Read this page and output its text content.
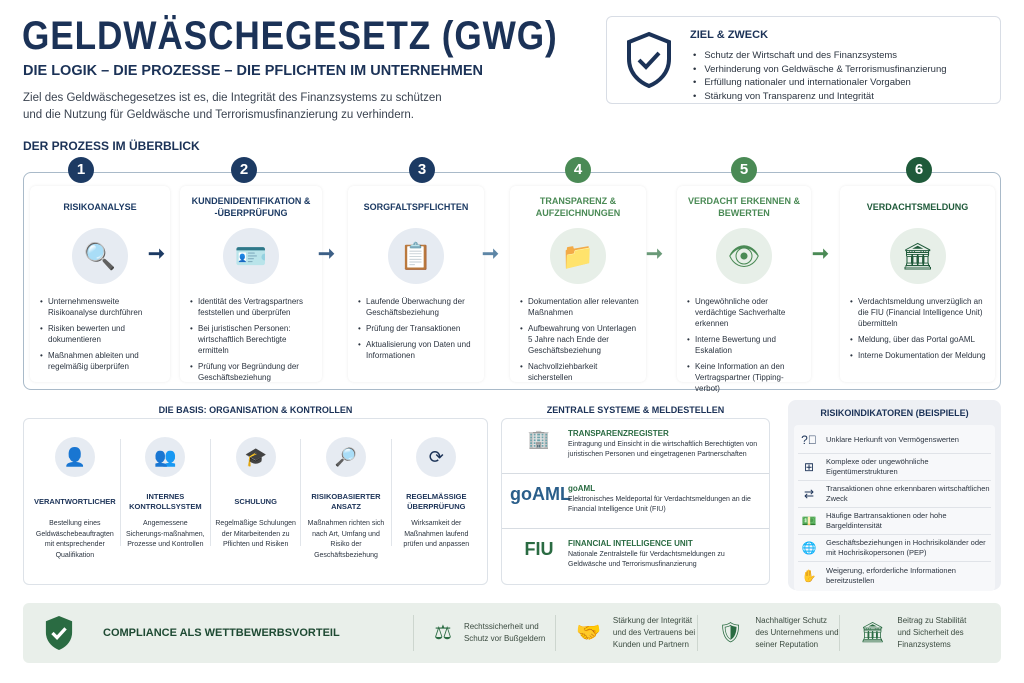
GELDWÄSCHEGESETZ (GWG)
DIE LOGIK – DIE PROZESSE – DIE PFLICHTEN IM UNTERNEHMEN
Ziel des Geldwäschegesetzes ist es, die Integrität des Finanzsystems zu schützen und die Nutzung für Geldwäsche und Terrorismusfinanzierung zu verhindern.
ZIEL & ZWECK
• Schutz der Wirtschaft und des Finanzsystems
• Verhinderung von Geldwäsche & Terrorismusfinanzierung
• Erfüllung nationaler und internationaler Vorgaben
• Stärkung von Transparenz und Integrität
DER PROZESS IM ÜBERBLICK
1
RISIKOANALYSE
🔍
• Unternehmensweite Risikoanalyse durchführen
• Risiken bewerten und dokumentieren
• Maßnahmen ableiten und regelmäßig überprüfen
2
KUNDENIDENTIFIKATION & -ÜBERPRÜFUNG
🪪
• Identität des Vertragspartners feststellen und überprüfen
• Bei juristischen Personen: wirtschaftlich Berechtigte ermitteln
• Prüfung vor Begründung der Geschäftsbeziehung
3
SORGFALTSPFLICHTEN
📋
• Laufende Überwachung der Geschäftsbeziehung
• Prüfung der Transaktionen
• Aktualisierung von Daten und Informationen
4
TRANSPARENZ & AUFZEICHNUNGEN
📁
• Dokumentation aller relevanten Maßnahmen
• Aufbewahrung von Unterlagen 5 Jahre nach Ende der Geschäftsbeziehung
• Nachvollziehbarkeit sicherstellen
5
VERDACHT ERKENNEN & BEWERTEN
👁
• Ungewöhnliche oder verdächtige Sachverhalte erkennen
• Interne Bewertung und Eskalation
• Keine Information an den Vertragspartner (Tipping-verbot)
6
VERDACHTSMELDUNG
🏛
• Verdachtsmeldung unverzüglich an die FIU (Financial Intelligence Unit) übermitteln
• Meldung, über das Portal goAML
• Interne Dokumentation der Meldung
➞	➞	➞	➞	➞
DIE BASIS: ORGANISATION & KONTROLLEN
👤
VERANTWORTLICHER

Bestellung eines Geldwäschebeauftragten mit entsprechender Qualifikation

👥
INTERNES KONTROLLSYSTEM

Angemessene Sicherungs-maßnahmen, Prozesse und Kontrollen

🎓
SCHULUNG

Regelmäßige Schulungen der Mitarbeitenden zu Pflichten und Risiken

🔎
RISIKOBASIERTER ANSATZ

Maßnahmen richten sich nach Art, Umfang und Risiko der Geschäftsbeziehung

⟳
REGELMÄSSIGE ÜBERPRÜFUNG

Wirksamkeit der Maßnahmen laufend prüfen und anpassen

ZENTRALE SYSTEME & MELDESTELLEN
🏢	TRANSPARENZREGISTER

Eintragung und Einsicht in die wirtschaftlich Berechtigten von juristischen Personen und eingetragenen Partnerschaften

goAML
goAML

Elektronisches Meldeportal für Verdachtsmeldungen an die Financial Intelligence Unit (FIU)

FIU	FINANCIAL INTELLIGENCE UNIT

Nationale Zentralstelle für Verdachtsmeldungen zu Geldwäsche und Terrorismusfinanzierung

RISIKOINDIKATOREN (BEISPIELE)
?⃝	Unklare Herkunft von Vermögenswerten
⊞	Komplexe oder ungewöhnliche Eigentümerstrukturen
⇄	Transaktionen ohne erkennbaren wirtschaftlichen Zweck
💵	Häufige Bartransaktionen oder hohe Bargeldintensität
🌐	Geschäftsbeziehungen in Hochrisikoländer oder mit Hochrisikopersonen (PEP)
✋	Weigerung, erforderliche Informationen bereitzustellen
COMPLIANCE ALS WETTBEWERBSVORTEIL	⚖ Rechtssicherheit und Schutz vor Bußgeldern	🤝
Stärkung der Integrität und des Vertrauens bei Kunden und Partnern
🛡
Nachhaltiger Schutz des Unternehmens und seiner Reputation
🏛
Beitrag zu Stabilität und Sicherheit des Finanzsystems
